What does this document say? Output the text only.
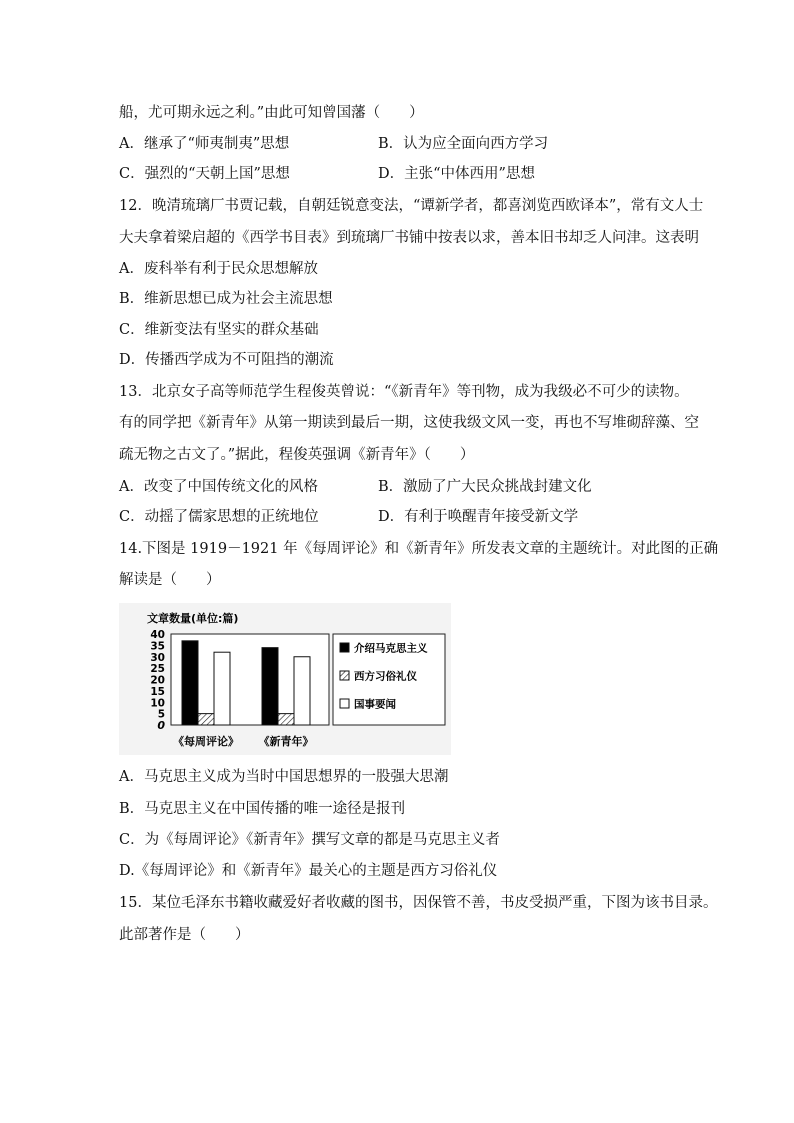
船，尤可期永远之利。”由此可知曾国藩（　　）
A．继承了“师夷制夷”思想	B．认为应全面向西方学习
C．强烈的“天朝上国”思想	D．主张“中体西用”思想
12．晚清琉璃厂书贾记载，自朝廷锐意变法，“谭新学者，都喜浏览西欧译本”，常有文人士
大夫拿着梁启超的《西学书目表》到琉璃厂书铺中按表以求，善本旧书却乏人问津。这表明
A．废科举有利于民众思想解放
B．维新思想已成为社会主流思想
C．维新变法有坚实的群众基础
D．传播西学成为不可阻挡的潮流
13．北京女子高等师范学生程俊英曾说：“《新青年》等刊物，成为我级必不可少的读物。
有的同学把《新青年》从第一期读到最后一期，这使我级文风一变，再也不写堆砌辞藻、空
疏无物之古文了。”据此，程俊英强调《新青年》（　　）
A．改变了中国传统文化的风格	B．激励了广大民众挑战封建文化
C．动摇了儒家思想的正统地位	D．有利于唤醒青年接受新文学
14.下图是 1919－1921 年《每周评论》和《新青年》所发表文章的主题统计。对此图的正确
解读是（　　）
文章数量(单位:篇)
40
35
30
25
20
15
10
5
0
《每周评论》 《新青年》
介绍马克思主义
西方习俗礼仪
国事要闻
A．马克思主义成为当时中国思想界的一股强大思潮
B．马克思主义在中国传播的唯一途径是报刊
C．为《每周评论》《新青年》撰写文章的都是马克思主义者
D.《每周评论》和《新青年》最关心的主题是西方习俗礼仪
15．某位毛泽东书籍收藏爱好者收藏的图书，因保管不善，书皮受损严重，下图为该书目录。
此部著作是（　　）
